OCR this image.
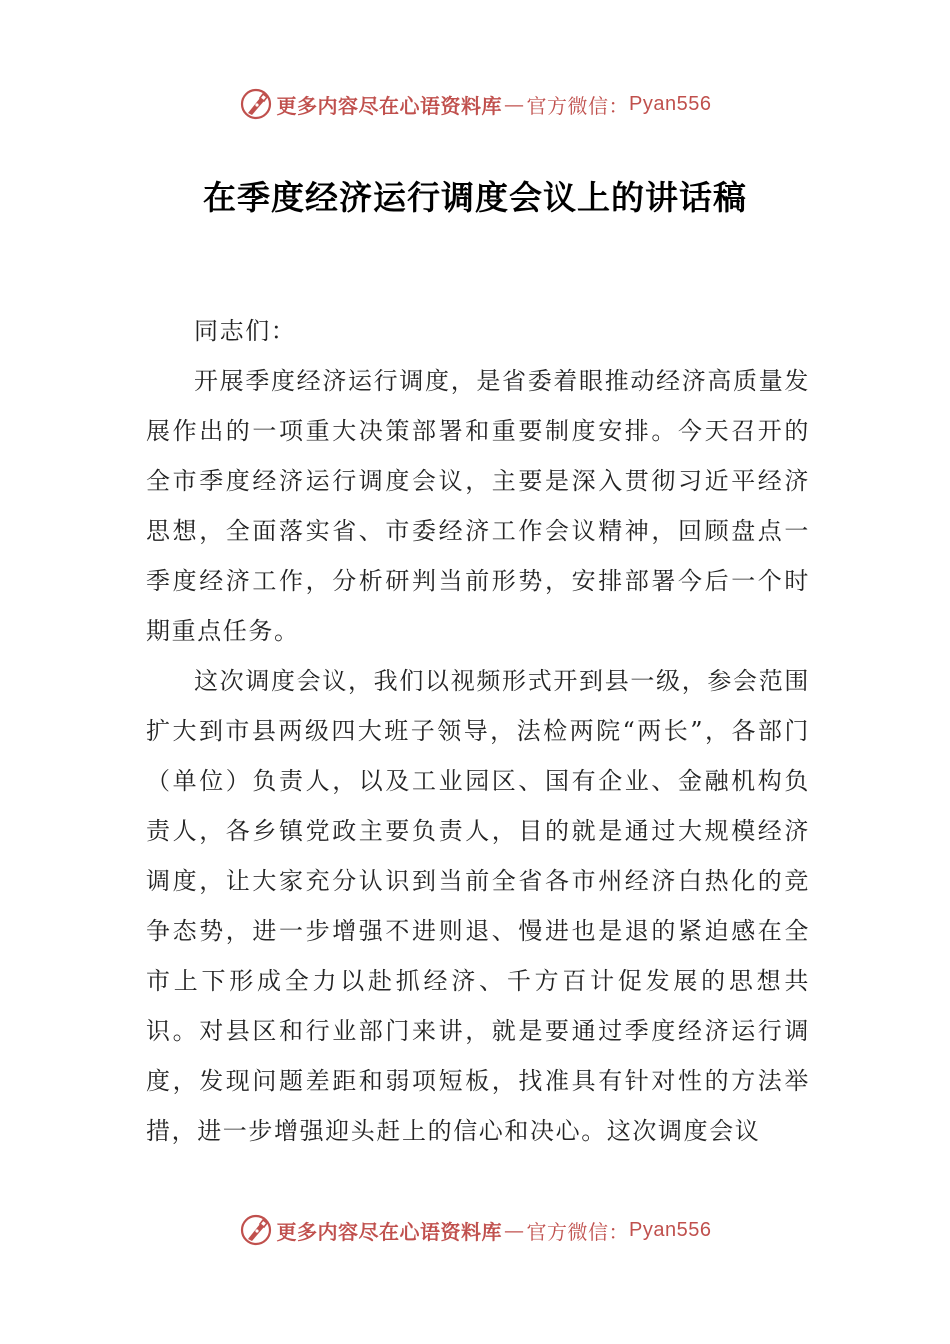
更多内容尽在心语资料库 — 官方微信： Pyan556
在季度经济运行调度会议上的讲话稿

同志们：

开展季度经济运行调度，是省委着眼推动经济高质量发展作出的一项重大决策部署和重要制度安排。今天召开的全市季度经济运行调度会议，主要是深入贯彻习近平经济思想，全面落实省、市委经济工作会议精神，回顾盘点一季度经济工作，分析研判当前形势，安排部署今后一个时期重点任务。

这次调度会议，我们以视频形式开到县一级，参会范围扩大到市县两级四大班子领导，法检两院“两长”，各部门（单位）负责人，以及工业园区、国有企业、金融机构负责人，各乡镇党政主要负责人，目的就是通过大规模经济调度，让大家充分认识到当前全省各市州经济白热化的竞争态势，进一步增强不进则退、慢进也是退的紧迫感在全市上下形成全力以赴抓经济、千方百计促发展的思想共识。对县区和行业部门来讲，就是要通过季度经济运行调度，发现问题差距和弱项短板，找准具有针对性的方法举措，进一步增强迎头赶上的信心和决心。这次调度会议

更多内容尽在心语资料库 — 官方微信： Pyan556
